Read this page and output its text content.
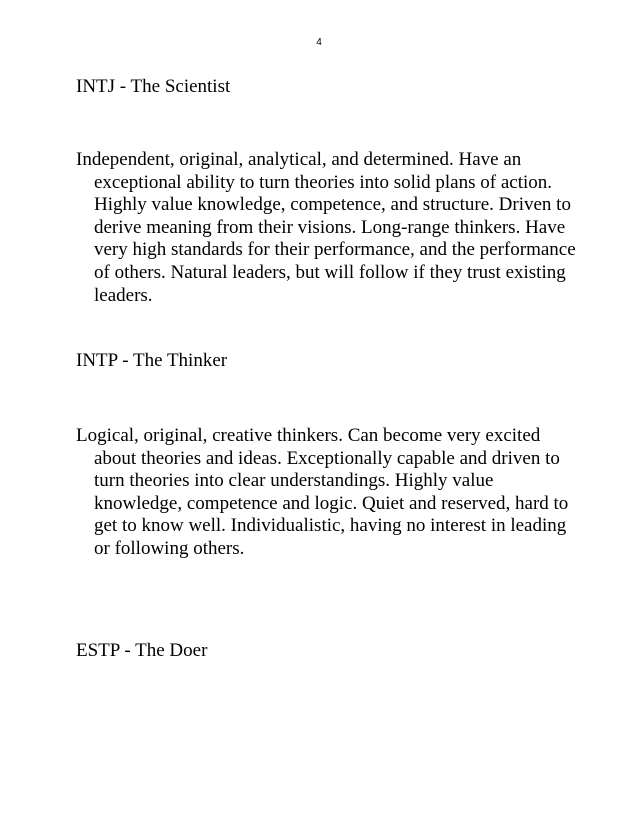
4
INTJ - The Scientist

Independent, original, analytical, and determined. Have an exceptional ability to turn theories into solid plans of action. Highly value knowledge, competence, and structure. Driven to derive meaning from their visions. Long-range thinkers. Have very high standards for their performance, and the performance of others. Natural leaders, but will follow if they trust existing leaders.

INTP - The Thinker

Logical, original, creative thinkers. Can become very excited about theories and ideas. Exceptionally capable and driven to turn theories into clear understandings. Highly value knowledge, competence and logic. Quiet and reserved, hard to get to know well. Individualistic, having no interest in leading or following others.

ESTP - The Doer
